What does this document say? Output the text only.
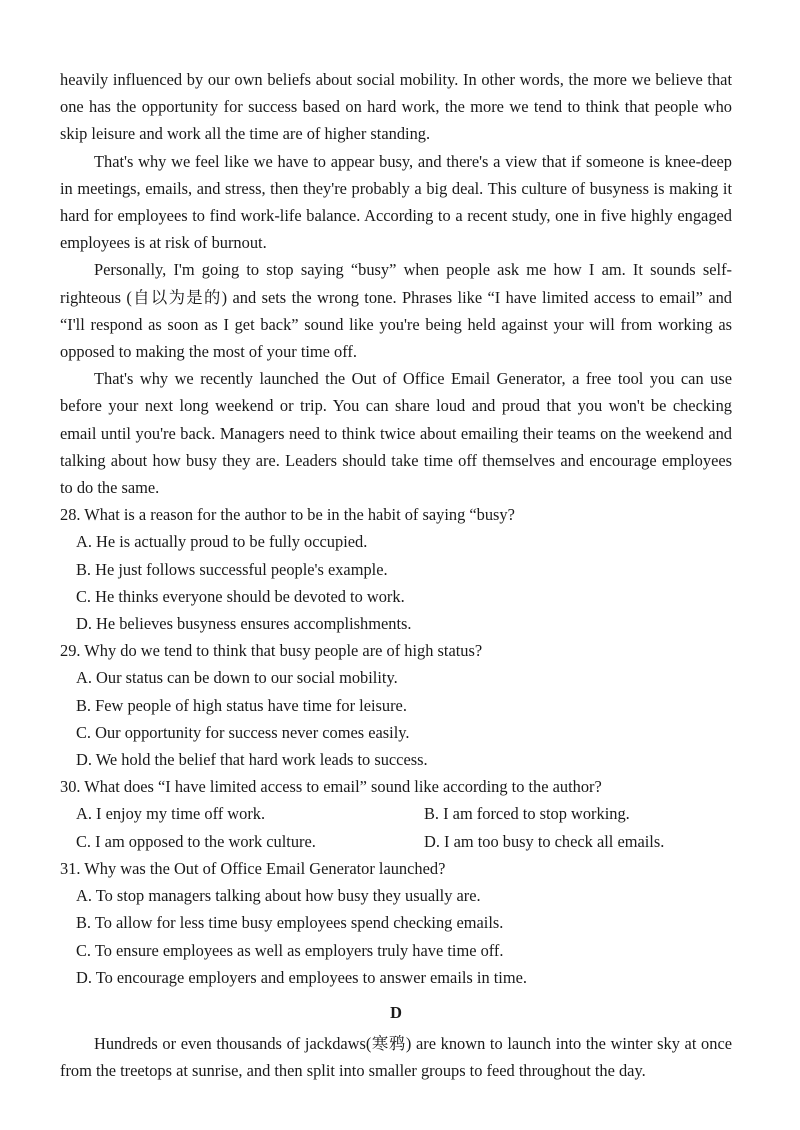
heavily influenced by our own beliefs about social mobility. In other words, the more we believe that one has the opportunity for success based on hard work, the more we tend to think that people who skip leisure and work all the time are of higher standing.

That's why we feel like we have to appear busy, and there's a view that if someone is knee-deep in meetings, emails, and stress, then they're probably a big deal. This culture of busyness is making it hard for employees to find work-life balance. According to a recent study, one in five highly engaged employees is at risk of burnout.

Personally, I'm going to stop saying “busy” when people ask me how I am. It sounds self-righteous (自以为是的) and sets the wrong tone. Phrases like “I have limited access to email” and “I'll respond as soon as I get back” sound like you're being held against your will from working as opposed to making the most of your time off.

That's why we recently launched the Out of Office Email Generator, a free tool you can use before your next long weekend or trip. You can share loud and proud that you won't be checking email until you're back. Managers need to think twice about emailing their teams on the weekend and talking about how busy they are. Leaders should take time off themselves and encourage employees to do the same.

28. What is a reason for the author to be in the habit of saying “busy?

A. He is actually proud to be fully occupied.

B. He just follows successful people's example.

C. He thinks everyone should be devoted to work.

D. He believes busyness ensures accomplishments.

29. Why do we tend to think that busy people are of high status?

A. Our status can be down to our social mobility.

B. Few people of high status have time for leisure.

C. Our opportunity for success never comes easily.

D. We hold the belief that hard work leads to success.

30. What does “I have limited access to email” sound like according to the author?

A. I enjoy my time off work.	B. I am forced to stop working.
C. I am opposed to the work culture.	D. I am too busy to check all emails.

31. Why was the Out of Office Email Generator launched?

A. To stop managers talking about how busy they usually are.

B. To allow for less time busy employees spend checking emails.

C. To ensure employees as well as employers truly have time off.

D. To encourage employers and employees to answer emails in time.

D

Hundreds or even thousands of jackdaws(寒鸦) are known to launch into the winter sky at once from the treetops at sunrise, and then split into smaller groups to feed throughout the day.
